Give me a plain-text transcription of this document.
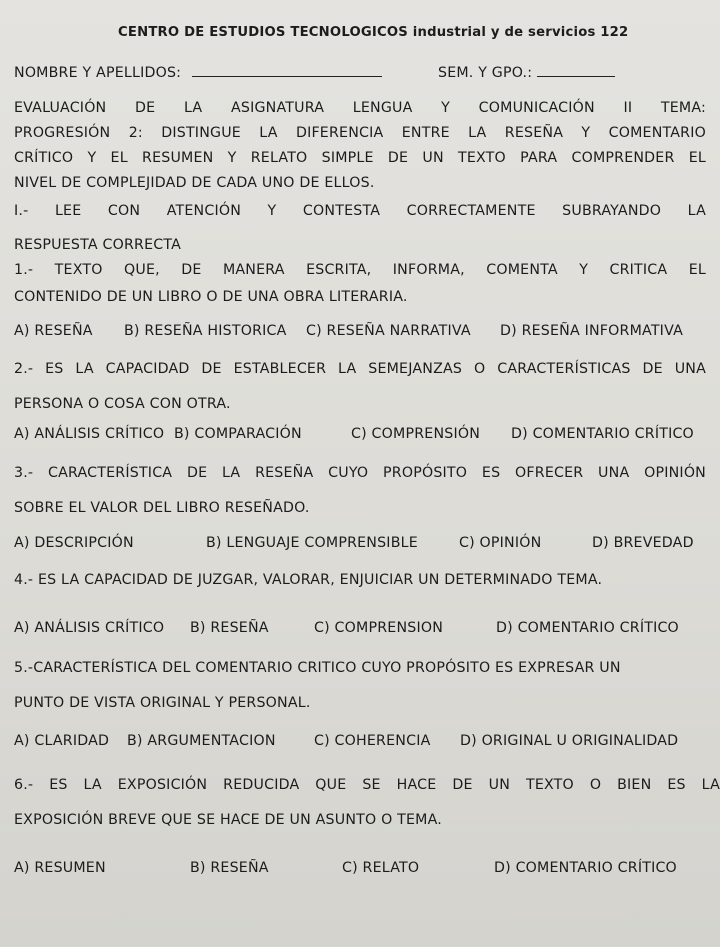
CENTRO DE ESTUDIOS TECNOLOGICOS industrial y de servicios 122
NOMBRE Y APELLIDOS:	SEM. Y GPO.:
EVALUACIÓN DE LA ASIGNATURA LENGUA Y COMUNICACIÓN II TEMA:
PROGRESIÓN 2: DISTINGUE LA DIFERENCIA ENTRE LA RESEÑA Y COMENTARIO
CRÍTICO Y EL RESUMEN Y RELATO SIMPLE DE UN TEXTO PARA COMPRENDER EL
NIVEL DE COMPLEJIDAD DE CADA UNO DE ELLOS.
I.- LEE CON ATENCIÓN Y CONTESTA CORRECTAMENTE SUBRAYANDO LA
RESPUESTA CORRECTA
1.- TEXTO QUE, DE MANERA ESCRITA, INFORMA, COMENTA Y CRITICA EL
CONTENIDO DE UN LIBRO O DE UNA OBRA LITERARIA.
A) RESEÑA B) RESEÑA HISTORICA C) RESEÑA NARRATIVA D) RESEÑA INFORMATIVA
2.- ES LA CAPACIDAD DE ESTABLECER LA SEMEJANZAS O CARACTERÍSTICAS DE UNA
PERSONA O COSA CON OTRA.
A) ANÁLISIS CRÍTICO B) COMPARACIÓN	C) COMPRENSIÓN D) COMENTARIO CRÍTICO
3.- CARACTERÍSTICA DE LA RESEÑA CUYO PROPÓSITO ES OFRECER UNA OPINIÓN
SOBRE EL VALOR DEL LIBRO RESEÑADO.
A) DESCRIPCIÓN	B) LENGUAJE COMPRENSIBLE	C) OPINIÓN	D) BREVEDAD
4.- ES LA CAPACIDAD DE JUZGAR, VALORAR, ENJUICIAR UN DETERMINADO TEMA.
A) ANÁLISIS CRÍTICO B) RESEÑA	C) COMPRENSION	D) COMENTARIO CRÍTICO
5.-CARACTERÍSTICA DEL COMENTARIO CRITICO CUYO PROPÓSITO ES EXPRESAR UN
PUNTO DE VISTA ORIGINAL Y PERSONAL.
A) CLARIDAD B) ARGUMENTACION	C) COHERENCIA D) ORIGINAL U ORIGINALIDAD
6.- ES LA EXPOSICIÓN REDUCIDA QUE SE HACE DE UN TEXTO O BIEN ES LA
EXPOSICIÓN BREVE QUE SE HACE DE UN ASUNTO O TEMA.
A) RESUMEN	B) RESEÑA	C) RELATO	D) COMENTARIO CRÍTICO
